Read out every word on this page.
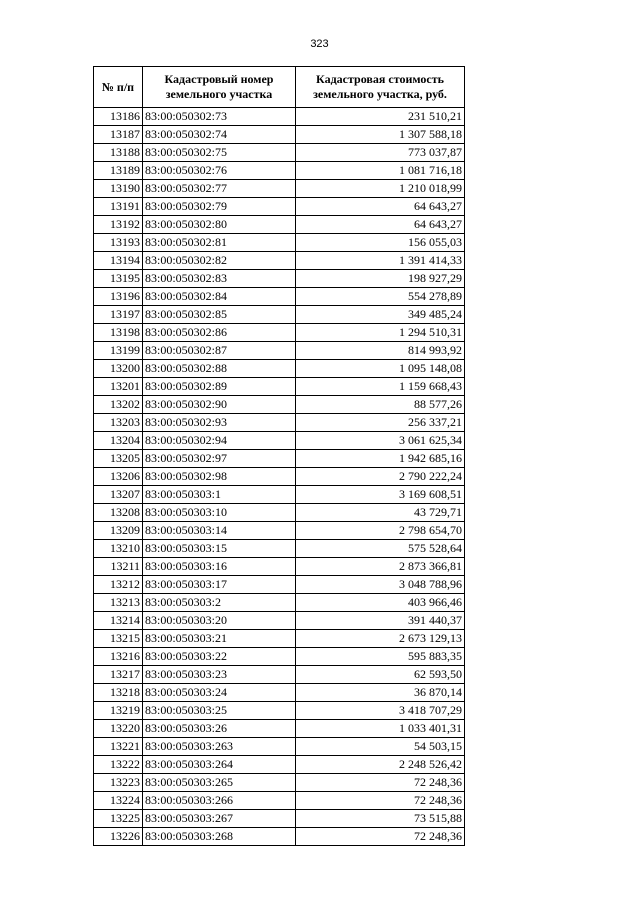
323
№ п/п	Кадастровый номер земельного участка	Кадастровая стоимость земельного участка, руб.
13186	83:00:050302:73	231 510,21
13187	83:00:050302:74	1 307 588,18
13188	83:00:050302:75	773 037,87
13189	83:00:050302:76	1 081 716,18
13190	83:00:050302:77	1 210 018,99
13191	83:00:050302:79	64 643,27
13192	83:00:050302:80	64 643,27
13193	83:00:050302:81	156 055,03
13194	83:00:050302:82	1 391 414,33
13195	83:00:050302:83	198 927,29
13196	83:00:050302:84	554 278,89
13197	83:00:050302:85	349 485,24
13198	83:00:050302:86	1 294 510,31
13199	83:00:050302:87	814 993,92
13200	83:00:050302:88	1 095 148,08
13201	83:00:050302:89	1 159 668,43
13202	83:00:050302:90	88 577,26
13203	83:00:050302:93	256 337,21
13204	83:00:050302:94	3 061 625,34
13205	83:00:050302:97	1 942 685,16
13206	83:00:050302:98	2 790 222,24
13207	83:00:050303:1	3 169 608,51
13208	83:00:050303:10	43 729,71
13209	83:00:050303:14	2 798 654,70
13210	83:00:050303:15	575 528,64
13211	83:00:050303:16	2 873 366,81
13212	83:00:050303:17	3 048 788,96
13213	83:00:050303:2	403 966,46
13214	83:00:050303:20	391 440,37
13215	83:00:050303:21	2 673 129,13
13216	83:00:050303:22	595 883,35
13217	83:00:050303:23	62 593,50
13218	83:00:050303:24	36 870,14
13219	83:00:050303:25	3 418 707,29
13220	83:00:050303:26	1 033 401,31
13221	83:00:050303:263	54 503,15
13222	83:00:050303:264	2 248 526,42
13223	83:00:050303:265	72 248,36
13224	83:00:050303:266	72 248,36
13225	83:00:050303:267	73 515,88
13226	83:00:050303:268	72 248,36
